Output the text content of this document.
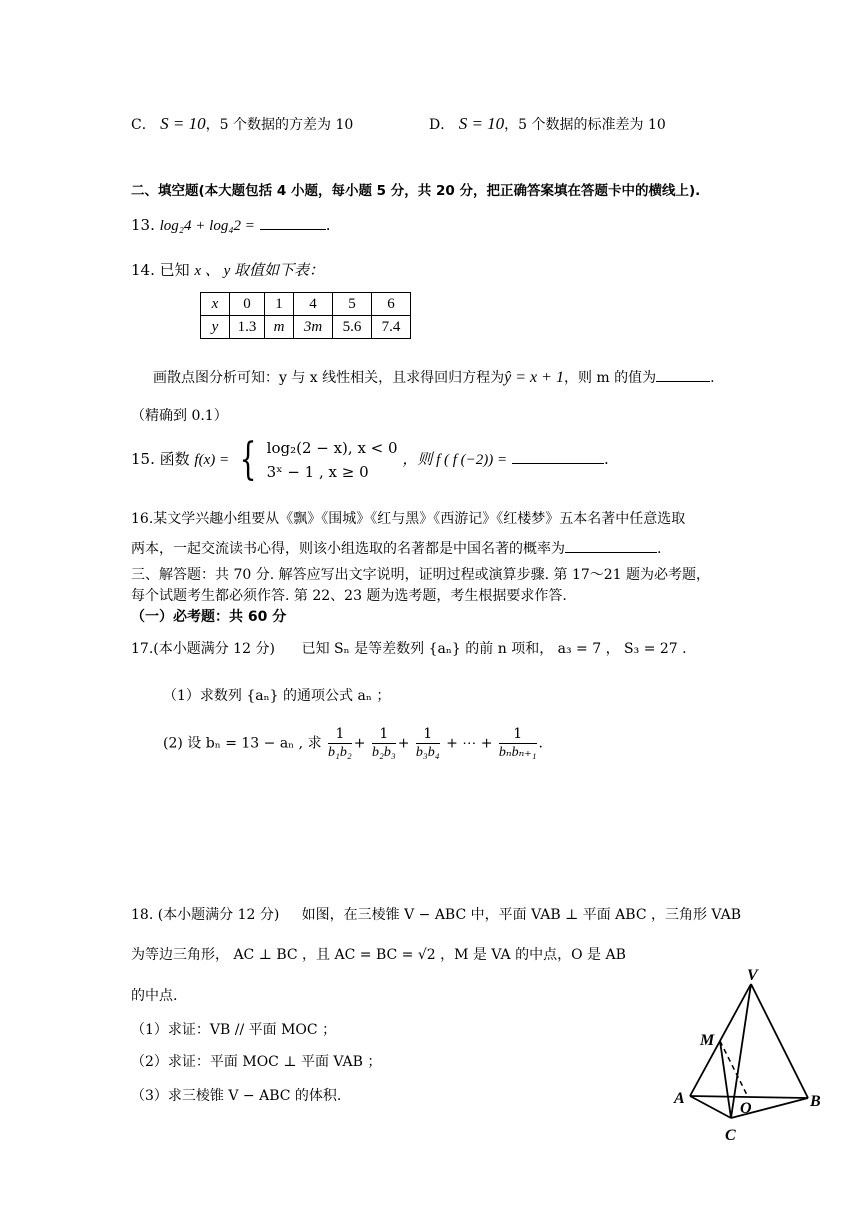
C． S = 10，5 个数据的方差为 10	D． S = 10，5 个数据的标准差为 10
二、填空题(本大题包括 4 小题，每小题 5 分，共 20 分，把正确答案填在答题卡中的横线上).
13. log₂4 + log₄2 =	.
14. 已知 x 、 y 取值如下表：
x	0	1	4	5	6
y	1.3	m	3m	5.6	7.4
画散点图分析可知：y 与 x 线性相关，且求得回归方程为ŷ = x + 1，则 m 的值为	.
（精确到 0.1）
15. 函数 f(x) = { log₂(2 − x), x < 0
3ˣ − 1 , x ≥ 0
，则 f ( f (−2)) =	.
16.某文学兴趣小组要从《飘》《围城》《红与黑》《西游记》《红楼梦》五本名著中任意选取
两本，一起交流读书心得，则该小组选取的名著都是中国名著的概率为	.
三、解答题：共 70 分. 解答应写出文字说明，证明过程或演算步骤. 第 17～21 题为必考题，
每个试题考生都必须作答. 第 22、23 题为选考题，考生根据要求作答.
（一）必考题：共 60 分
17.(本小题满分 12 分) 已知 Sₙ 是等差数列 {aₙ} 的前 n 项和， a₃ = 7 ， S₃ = 27 .
（1）求数列 {aₙ} 的通项公式 aₙ ；
(2) 设 bₙ = 13 − aₙ , 求 $\frac{1}{\text{b₁b₂}} + \frac{1}{\text{b₂b₃}} + \frac{1}{\text{b₃b₄}}$ + ⋯ + $\frac{1}{\text{bₙbₙ₊₁}}$ .
18. (本小题满分 12 分) 如图，在三棱锥 V − ABC 中，平面 VAB ⊥ 平面 ABC ，三角形 VAB
为等边三角形， AC ⊥ BC ，且 AC = BC = √2 ，M 是 VA 的中点，O 是 AB
的中点.
（1）求证：VB // 平面 MOC ；
（2）求证：平面 MOC ⊥ 平面 VAB ；
（3）求三棱锥 V − ABC 的体积.
V
M
A
O	B
C
